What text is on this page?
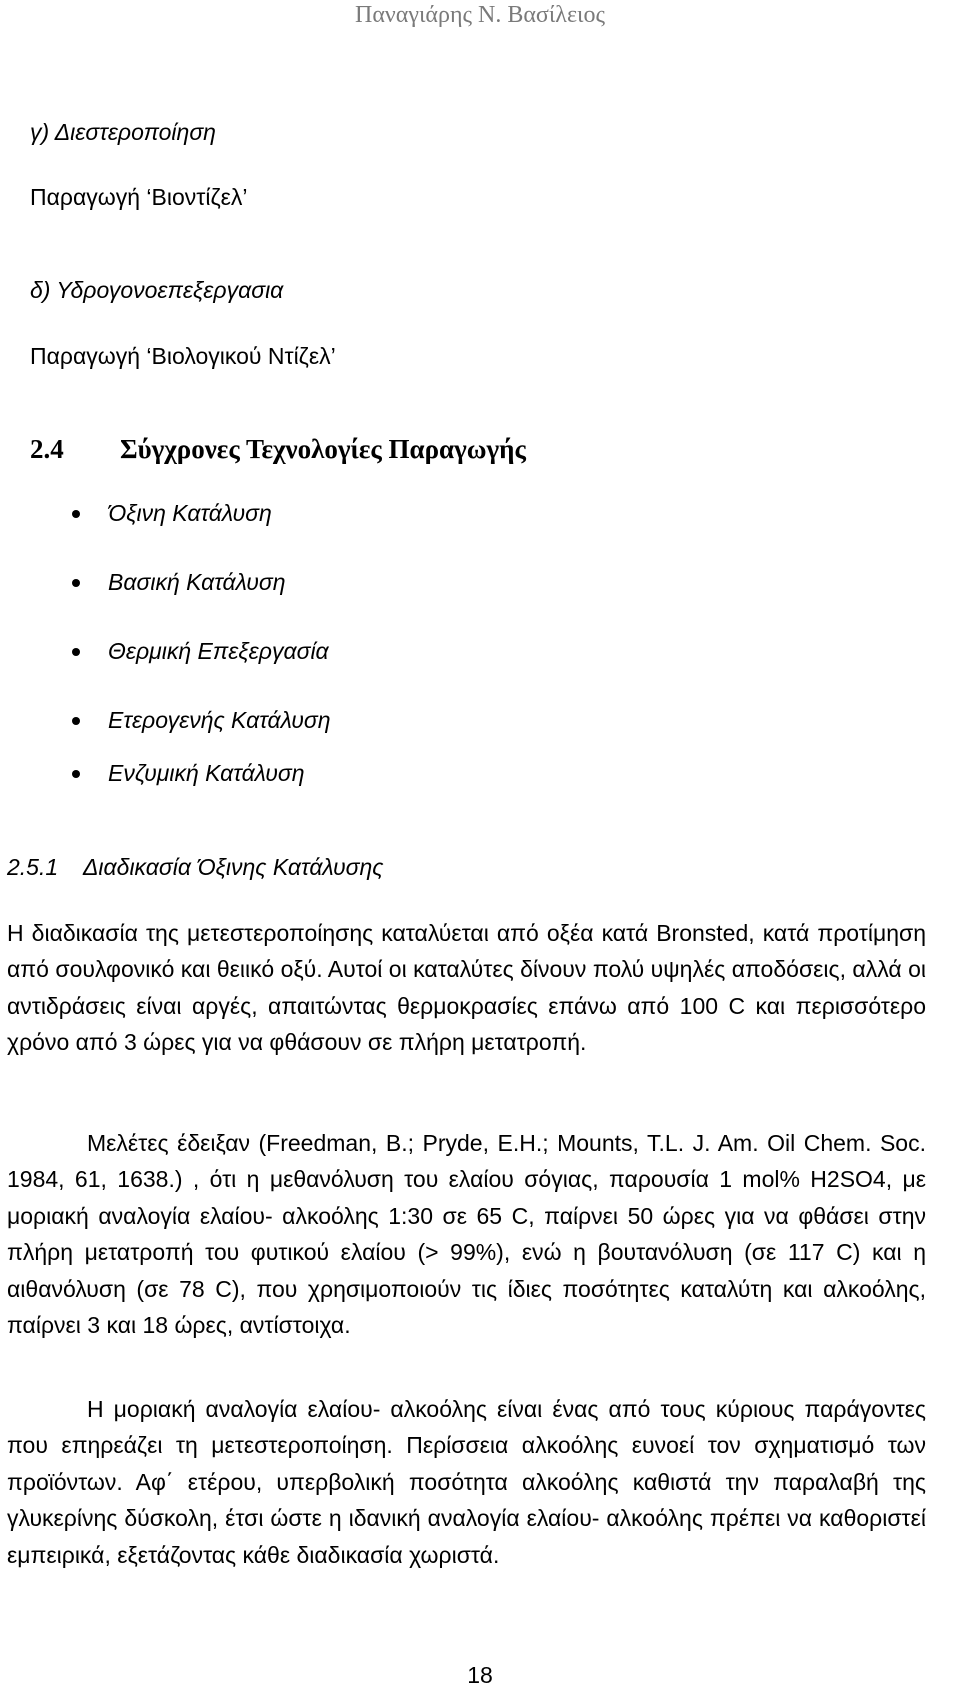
Παναγιάρης Ν. Βασίλειος
γ) Διεστεροποίηση
Παραγωγή ‘Βιοντίζελ’
δ) Υδρογονοεπεξεργασια
Παραγωγή ‘Βιολογικού Ντίζελ’
2.4 Σύγχρονες Τεχνολογίες Παραγωγής
Όξινη Κατάλυση
Βασική Κατάλυση
Θερμική Επεξεργασία
Ετερογενής Κατάλυση
Ενζυμική Κατάλυση
2.5.1 Διαδικασία Όξινης Κατάλυσης

Η διαδικασία της μετεστεροποίησης καταλύεται από οξέα κατά Bronsted, κατά προτίμηση από σουλφονικό και θειικό οξύ. Αυτοί οι καταλύτες δίνουν πολύ υψηλές αποδόσεις, αλλά οι αντιδράσεις είναι αργές, απαιτώντας θερμοκρασίες επάνω από 100 C και περισσότερο χρόνο από 3 ώρες για να φθάσουν σε πλήρη μετατροπή.

Μελέτες έδειξαν (Freedman, B.; Pryde, E.H.; Mounts, T.L. J. Am. Oil Chem. Soc. 1984, 61, 1638.) , ότι η μεθανόλυση του ελαίου σόγιας, παρουσία 1 mol% H2SO4, με μοριακή αναλογία ελαίου- αλκοόλης 1:30 σε 65 C, παίρνει 50 ώρες για να φθάσει στην πλήρη μετατροπή του φυτικού ελαίου (> 99%), ενώ η βουτανόλυση (σε 117 C) και η αιθανόλυση (σε 78 C), που χρησιμοποιούν τις ίδιες ποσότητες καταλύτη και αλκοόλης, παίρνει 3 και 18 ώρες, αντίστοιχα.

Η μοριακή αναλογία ελαίου- αλκοόλης είναι ένας από τους κύριους παράγοντες που επηρεάζει τη μετεστεροποίηση. Περίσσεια αλκοόλης ευνοεί τον σχηματισμό των προϊόντων. Αφ΄ ετέρου, υπερβολική ποσότητα αλκοόλης καθιστά την παραλαβή της γλυκερίνης δύσκολη, έτσι ώστε η ιδανική αναλογία ελαίου- αλκοόλης πρέπει να καθοριστεί εμπειρικά, εξετάζοντας κάθε διαδικασία χωριστά.

18
